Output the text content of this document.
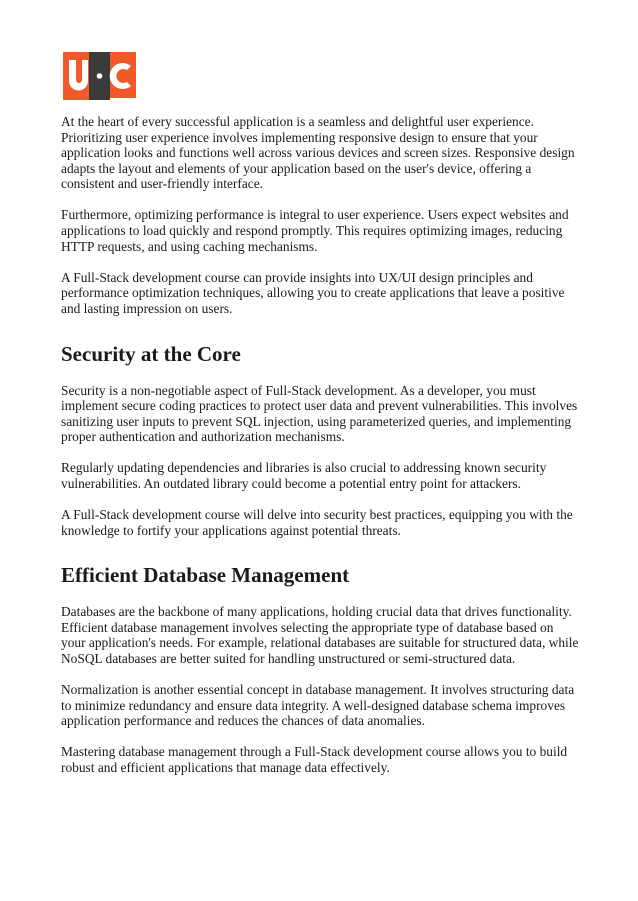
At the heart of every successful application is a seamless and delightful user experience. Prioritizing user experience involves implementing responsive design to ensure that your application looks and functions well across various devices and screen sizes. Responsive design adapts the layout and elements of your application based on the user's device, offering a consistent and user-friendly interface.

Furthermore, optimizing performance is integral to user experience. Users expect websites and applications to load quickly and respond promptly. This requires optimizing images, reducing HTTP requests, and using caching mechanisms.

A Full-Stack development course can provide insights into UX/UI design principles and performance optimization techniques, allowing you to create applications that leave a positive and lasting impression on users.

Security at the Core

Security is a non-negotiable aspect of Full-Stack development. As a developer, you must implement secure coding practices to protect user data and prevent vulnerabilities. This involves sanitizing user inputs to prevent SQL injection, using parameterized queries, and implementing proper authentication and authorization mechanisms.

Regularly updating dependencies and libraries is also crucial to addressing known security vulnerabilities. An outdated library could become a potential entry point for attackers.

A Full-Stack development course will delve into security best practices, equipping you with the knowledge to fortify your applications against potential threats.

Efficient Database Management

Databases are the backbone of many applications, holding crucial data that drives functionality. Efficient database management involves selecting the appropriate type of database based on your application's needs. For example, relational databases are suitable for structured data, while NoSQL databases are better suited for handling unstructured or semi-structured data.

Normalization is another essential concept in database management. It involves structuring data to minimize redundancy and ensure data integrity. A well-designed database schema improves application performance and reduces the chances of data anomalies.

Mastering database management through a Full-Stack development course allows you to build robust and efficient applications that manage data effectively.
